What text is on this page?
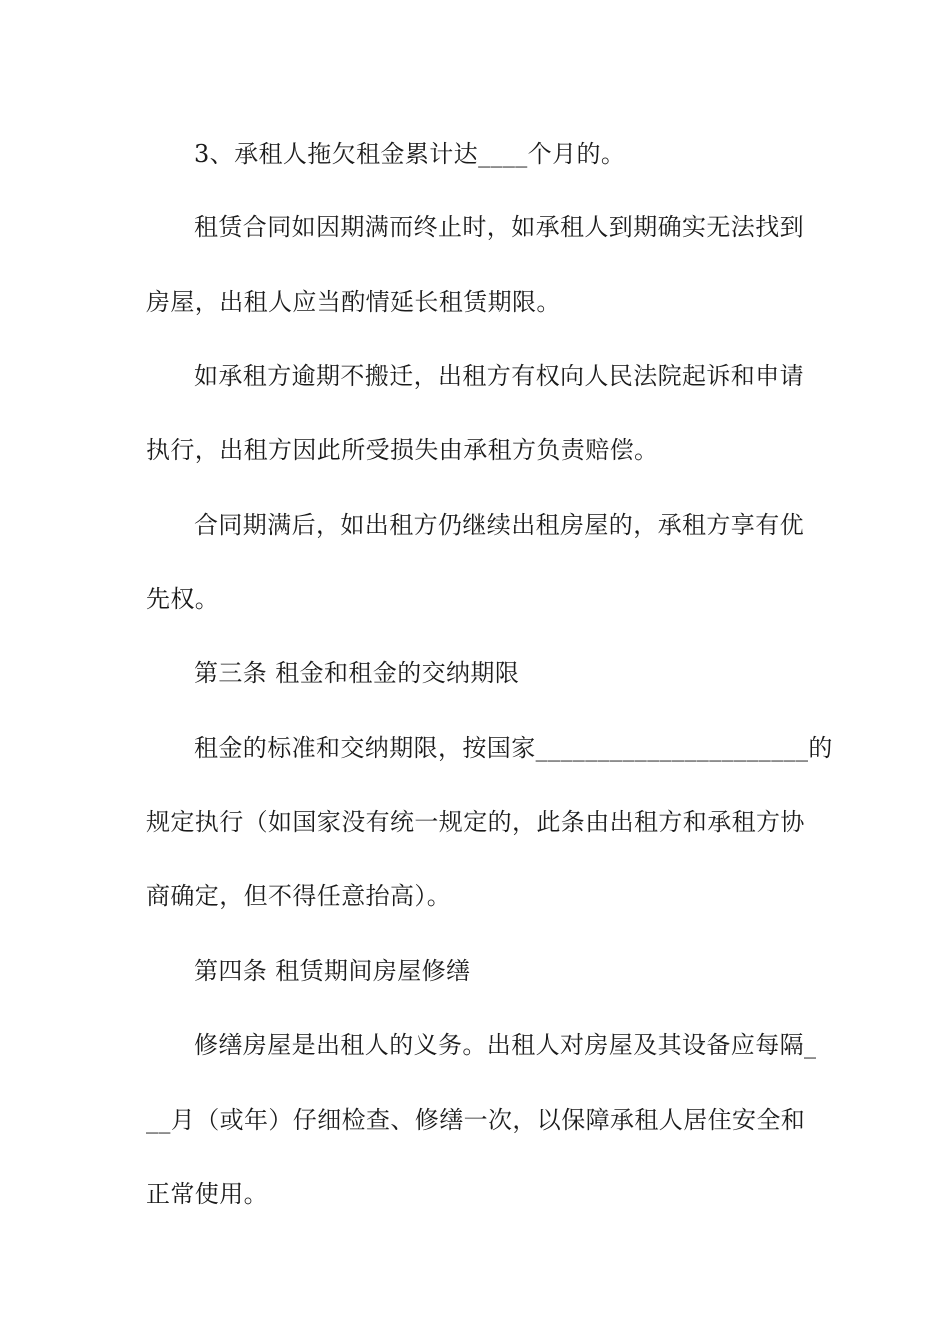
3、承租人拖欠租金累计达____个月的。
租赁合同如因期满而终止时，如承租人到期确实无法找到
房屋，出租人应当酌情延长租赁期限。
如承租方逾期不搬迁，出租方有权向人民法院起诉和申请
执行，出租方因此所受损失由承租方负责赔偿。
合同期满后，如出租方仍继续出租房屋的，承租方享有优
先权。
第三条 租金和租金的交纳期限
租金的标准和交纳期限，按国家______________________的
规定执行（如国家没有统一规定的，此条由出租方和承租方协
商确定，但不得任意抬高）。
第四条 租赁期间房屋修缮
修缮房屋是出租人的义务。出租人对房屋及其设备应每隔_
__月（或年）仔细检查、修缮一次，以保障承租人居住安全和
正常使用。
